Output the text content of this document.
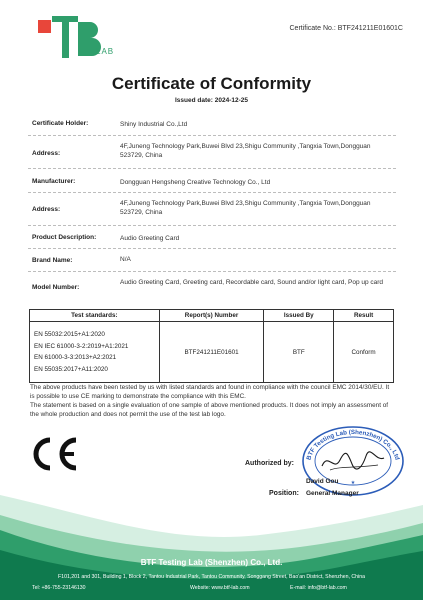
LAB
Certificate No.: BTF241211E01601C
Certificate of Conformity
Issued date: 2024-12-25
Certificate Holder:	Shiny Industrial Co.,Ltd
Address:
4F,Juneng Technology Park,Buwei Blvd 23,Shigu Community ,Tangxia Town,Dongguan 523729, China
Manufacturer:	Dongguan Hengsheng Creative Technology Co., Ltd
Address:
4F,Juneng Technology Park,Buwei Blvd 23,Shigu Community ,Tangxia Town,Dongguan 523729, China
Product Description:	Audio Greeting Card
Brand Name:	N/A
Model Number:
Audio Greeting Card, Greeting card, Recordable card, Sound and/or light card, Pop up card
Test standards:	Report(s) Number	Issued By	Result

EN 55032:2015+A1:2020
EN IEC 61000-3-2:2019+A1:2021
EN 61000-3-3:2013+A2:2021
EN 55035:2017+A11:2020	BTF241211E01601	BTF	Conform
The above products have been tested by us with listed standards and found in compliance with the council EMC 2014/30/EU. It is possible to use CE marking to demonstrate the compliance with this EMC.
The statement is based on a single evaluation of one sample of above mentioned products. It does not imply an assessment of the whole production and does not permit the use of the test lab logo.
BTF Testing Lab (Shenzhen) Co., Ltd
★
Authorized by:
David Gou
Position: General Manager
BTF Testing Lab (Shenzhen) Co., Ltd.
F101,201 and 301, Building 1, Block 2, Tantou Industrial Park, Tantou Community, Songgang Street, Bao'an District, Shenzhen, China
Tel: +86-755-23146130	Website: www.btf-lab.com	E-mail: info@btf-lab.com
